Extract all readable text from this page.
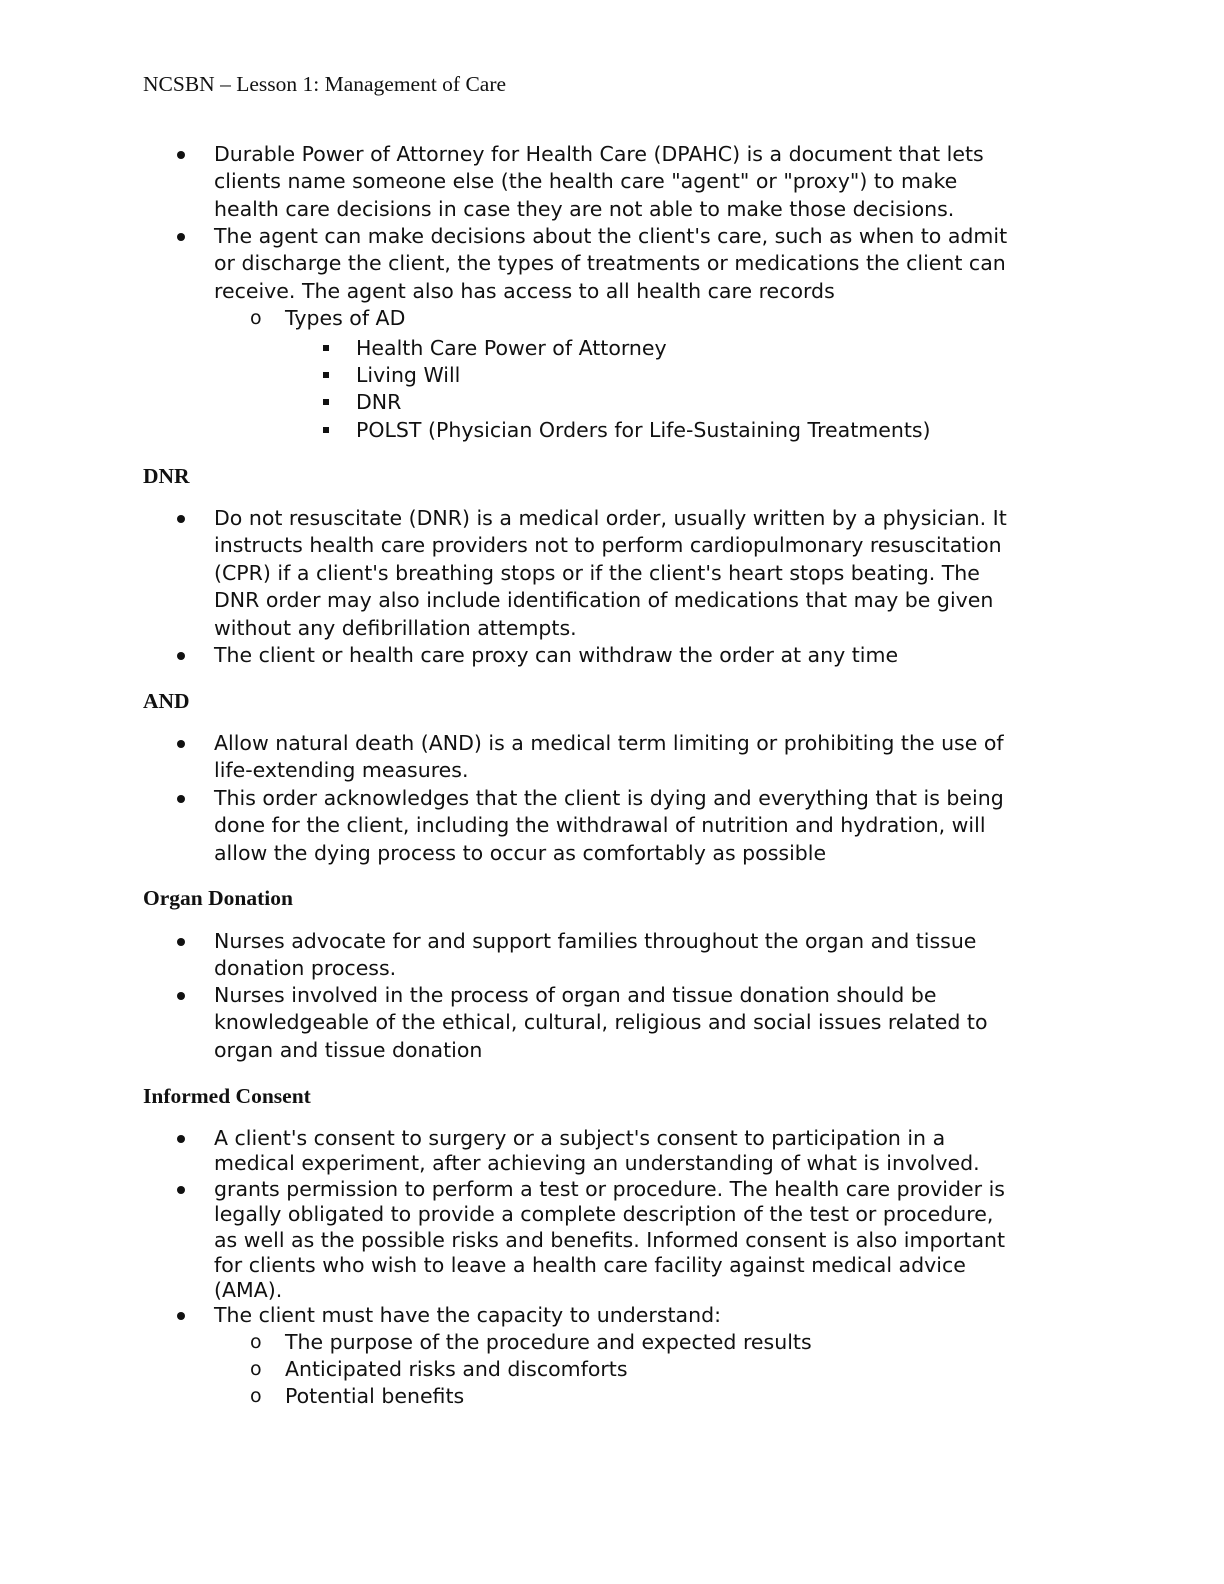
NCSBN – Lesson 1: Management of Care
Durable Power of Attorney for Health Care (DPAHC) is a document that lets
clients name someone else (the health care "agent" or "proxy") to make
health care decisions in case they are not able to make those decisions.
The agent can make decisions about the client's care, such as when to admit
or discharge the client, the types of treatments or medications the client can
receive. The agent also has access to all health care records
o Types of AD
Health Care Power of Attorney
Living Will
DNR
POLST (Physician Orders for Life-Sustaining Treatments)
DNR
Do not resuscitate (DNR) is a medical order, usually written by a physician. It
instructs health care providers not to perform cardiopulmonary resuscitation
(CPR) if a client's breathing stops or if the client's heart stops beating. The
DNR order may also include identification of medications that may be given
without any defibrillation attempts.
The client or health care proxy can withdraw the order at any time
AND
Allow natural death (AND) is a medical term limiting or prohibiting the use of
life-extending measures.
This order acknowledges that the client is dying and everything that is being
done for the client, including the withdrawal of nutrition and hydration, will
allow the dying process to occur as comfortably as possible
Organ Donation
Nurses advocate for and support families throughout the organ and tissue
donation process.
Nurses involved in the process of organ and tissue donation should be
knowledgeable of the ethical, cultural, religious and social issues related to
organ and tissue donation
Informed Consent
A client's consent to surgery or a subject's consent to participation in a
medical experiment, after achieving an understanding of what is involved.
grants permission to perform a test or procedure. The health care provider is
legally obligated to provide a complete description of the test or procedure,
as well as the possible risks and benefits. Informed consent is also important
for clients who wish to leave a health care facility against medical advice
(AMA).
The client must have the capacity to understand:
o The purpose of the procedure and expected results
o Anticipated risks and discomforts
o Potential benefits
